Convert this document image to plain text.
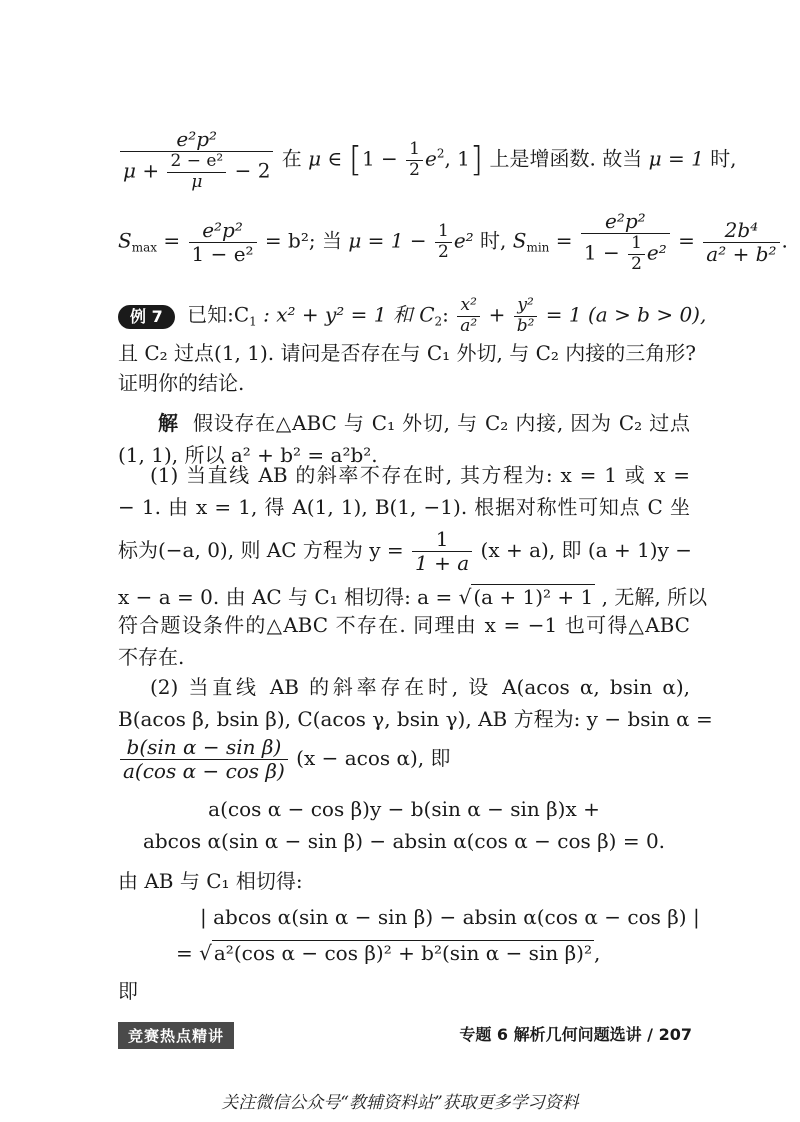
e²p²
$\mu + \frac{\text{2 − e²}}{\mu} - 2$ 在 μ ∈ [$1 - \frac{1}{2} e^2$, 1] 上是增函数. 故当 μ = 1 时,
$S_{max} = \frac{\text{e²p²}}{\text{1 − e²}} = b^2$; 当 $\mu = 1 - \frac{1}{2} e^2$ 时, $S_{min} = \frac{\text{e²p²}}{1 - \frac{1}{2} e^2} = \frac{\text{2b⁴}}{\text{a² + b²}}$ .
例 7 已知$:C_1$ : x² + y² = 1 和 $C_2$: $\frac{\text{x²}}{\text{a²}} + \frac{\text{y²}}{\text{b²}} = 1$ (a > b > 0),
且 C₂ 过点(1, 1). 请问是否存在与 C₁ 外切, 与 C₂ 内接的三角形?
证明你的结论.
解 假设存在△ABC 与 C₁ 外切, 与 C₂ 内接, 因为 C₂ 过点
(1, 1), 所以 a² + b² = a²b².
(1) 当直线 AB 的斜率不存在时, 其方程为: x = 1 或 x =
− 1. 由 x = 1, 得 A(1, 1), B(1, −1). 根据对称性可知点 C 坐
标为(−a, 0), 则 AC 方程为 $y = \frac{1}{1 + a} (x + a)$, 即 (a + 1)y −
x − a = 0. 由 AC 与 C₁ 相切得: a = √ (a + 1)² + 1 , 无解, 所以
符合题设条件的△ABC 不存在. 同理由 x = −1 也可得△ABC
不存在.
(2) 当直线 AB 的斜率存在时, 设 A(acos α, bsin α),
B(acos β, bsin β), C(acos γ, bsin γ), AB 方程为: y − bsin α =
$\frac{\text{b(sin α − sin β)}}{\text{a(cos α − cos β)}} (x - acos$ α), 即
a(cos α − cos β)y − b(sin α − sin β)x +
abcos α(sin α − sin β) − absin α(cos α − cos β) = 0.
由 AB 与 C₁ 相切得:
| abcos α(sin α − sin β) − absin α(cos α − cos β) |
= √ a²(cos α − cos β)² + b²(sin α − sin β)² ,
即
竞赛热点精讲	专题 6 解析几何问题选讲 / 207
关注微信公众号“教辅资料站”获取更多学习资料
